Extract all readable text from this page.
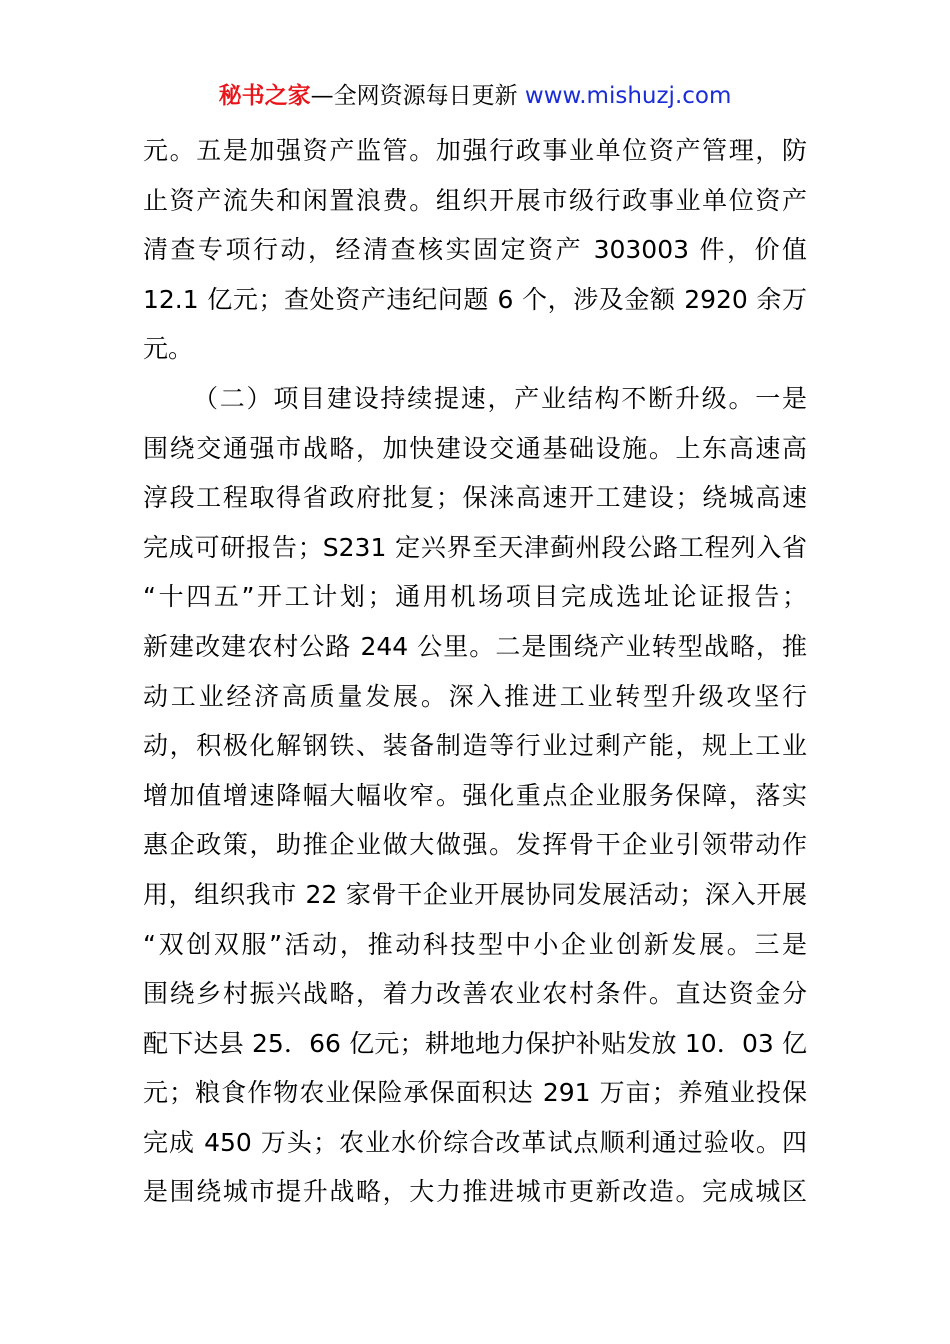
秘书之家—全网资源每日更新 www.mishuzj.com
元。五是加强资产监管。加强行政事业单位资产管理，防
止资产流失和闲置浪费。组织开展市级行政事业单位资产
清查专项行动，经清查核实固定资产 303003 件，价值
12.1 亿元；查处资产违纪问题 6 个，涉及金额 2920 余万
元。
（二）项目建设持续提速，产业结构不断升级。一是
围绕交通强市战略，加快建设交通基础设施。上东高速高
淳段工程取得省政府批复；保涞高速开工建设；绕城高速
完成可研报告；S231 定兴界至天津蓟州段公路工程列入省
“十四五”开工计划；通用机场项目完成选址论证报告；
新建改建农村公路 244 公里。二是围绕产业转型战略，推
动工业经济高质量发展。深入推进工业转型升级攻坚行
动，积极化解钢铁、装备制造等行业过剩产能，规上工业
增加值增速降幅大幅收窄。强化重点企业服务保障，落实
惠企政策，助推企业做大做强。发挥骨干企业引领带动作
用，组织我市 22 家骨干企业开展协同发展活动；深入开展
“双创双服”活动，推动科技型中小企业创新发展。三是
围绕乡村振兴战略，着力改善农业农村条件。直达资金分
配下达县 25．66 亿元；耕地地力保护补贴发放 10．03 亿
元；粮食作物农业保险承保面积达 291 万亩；养殖业投保
完成 450 万头；农业水价综合改革试点顺利通过验收。四
是围绕城市提升战略，大力推进城市更新改造。完成城区
